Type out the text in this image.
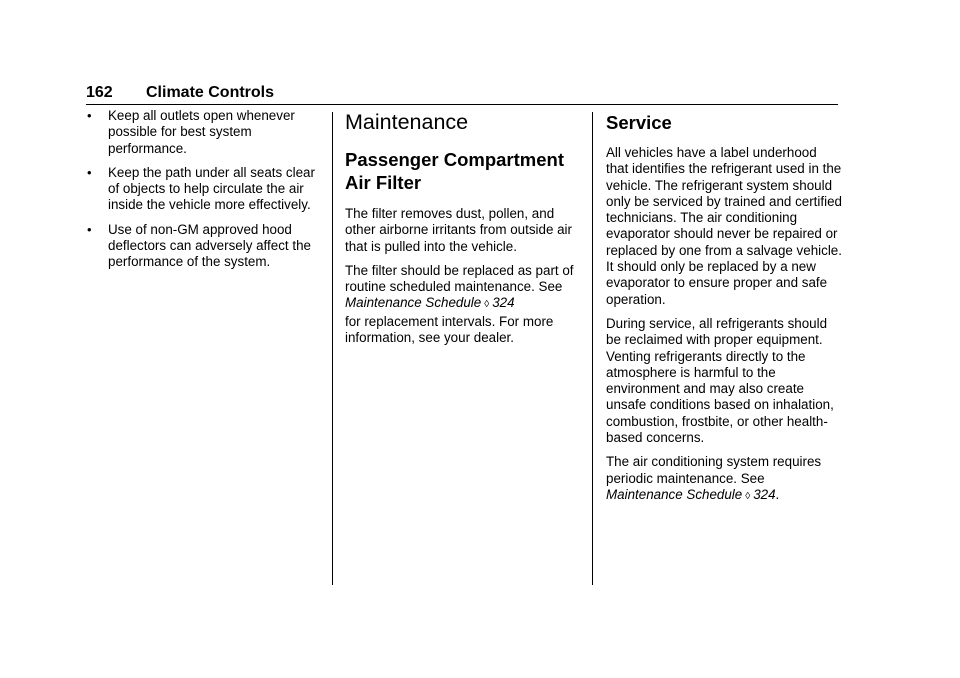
162 Climate Controls
• Keep all outlets open whenever possible for best system performance.
• Keep the path under all seats clear of objects to help circulate the air inside the vehicle more effectively.
• Use of non-GM approved hood deflectors can adversely affect the performance of the system.
Maintenance
Passenger Compartment Air Filter

The filter removes dust, pollen, and other airborne irritants from outside air that is pulled into the vehicle.

The filter should be replaced as part of routine scheduled maintenance. See
Maintenance Schedule ◊ 324
for replacement intervals. For more information, see your dealer.

Service

All vehicles have a label underhood that identifies the refrigerant used in the vehicle. The refrigerant system should only be serviced by trained and certified technicians. The air conditioning evaporator should never be repaired or replaced by one from a salvage vehicle.
It should only be replaced by a new evaporator to ensure proper and safe operation.

During service, all refrigerants should be reclaimed with proper equipment. Venting refrigerants directly to the atmosphere is harmful to the environment and may also create unsafe conditions based on inhalation, combustion, frostbite, or other health-based concerns.

The air conditioning system requires periodic maintenance. See
Maintenance Schedule ◊ 324.
